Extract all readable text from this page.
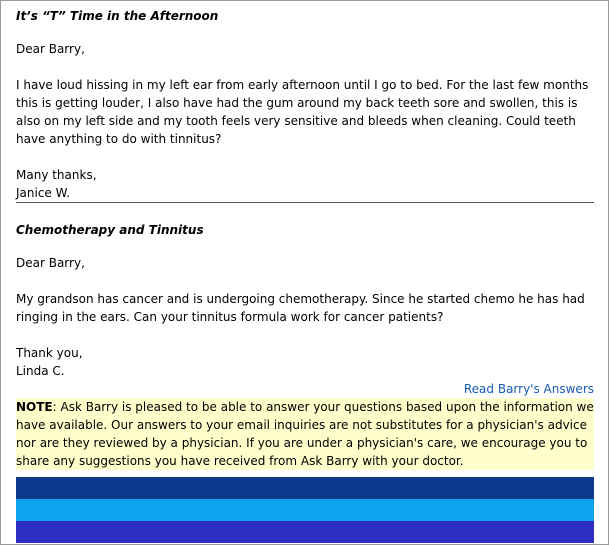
It’s “T” Time in the Afternoon

Dear Barry,

I have loud hissing in my left ear from early afternoon until I go to bed. For the last few months this is getting louder, I also have had the gum around my back teeth sore and swollen, this is also on my left side and my tooth feels very sensitive and bleeds when cleaning. Could teeth have anything to do with tinnitus?

Many thanks,

Janice W.

Chemotherapy and Tinnitus

Dear Barry,

My grandson has cancer and is undergoing chemotherapy. Since he started chemo he has had ringing in the ears. Can your tinnitus formula work for cancer patients?

Thank you,

Linda C.

Read Barry's Answers

NOTE: Ask Barry is pleased to be able to answer your questions based upon the information we have available. Our answers to your email inquiries are not substitutes for a physician's advice nor are they reviewed by a physician. If you are under a physician's care, we encourage you to share any suggestions you have received from Ask Barry with your doctor.
